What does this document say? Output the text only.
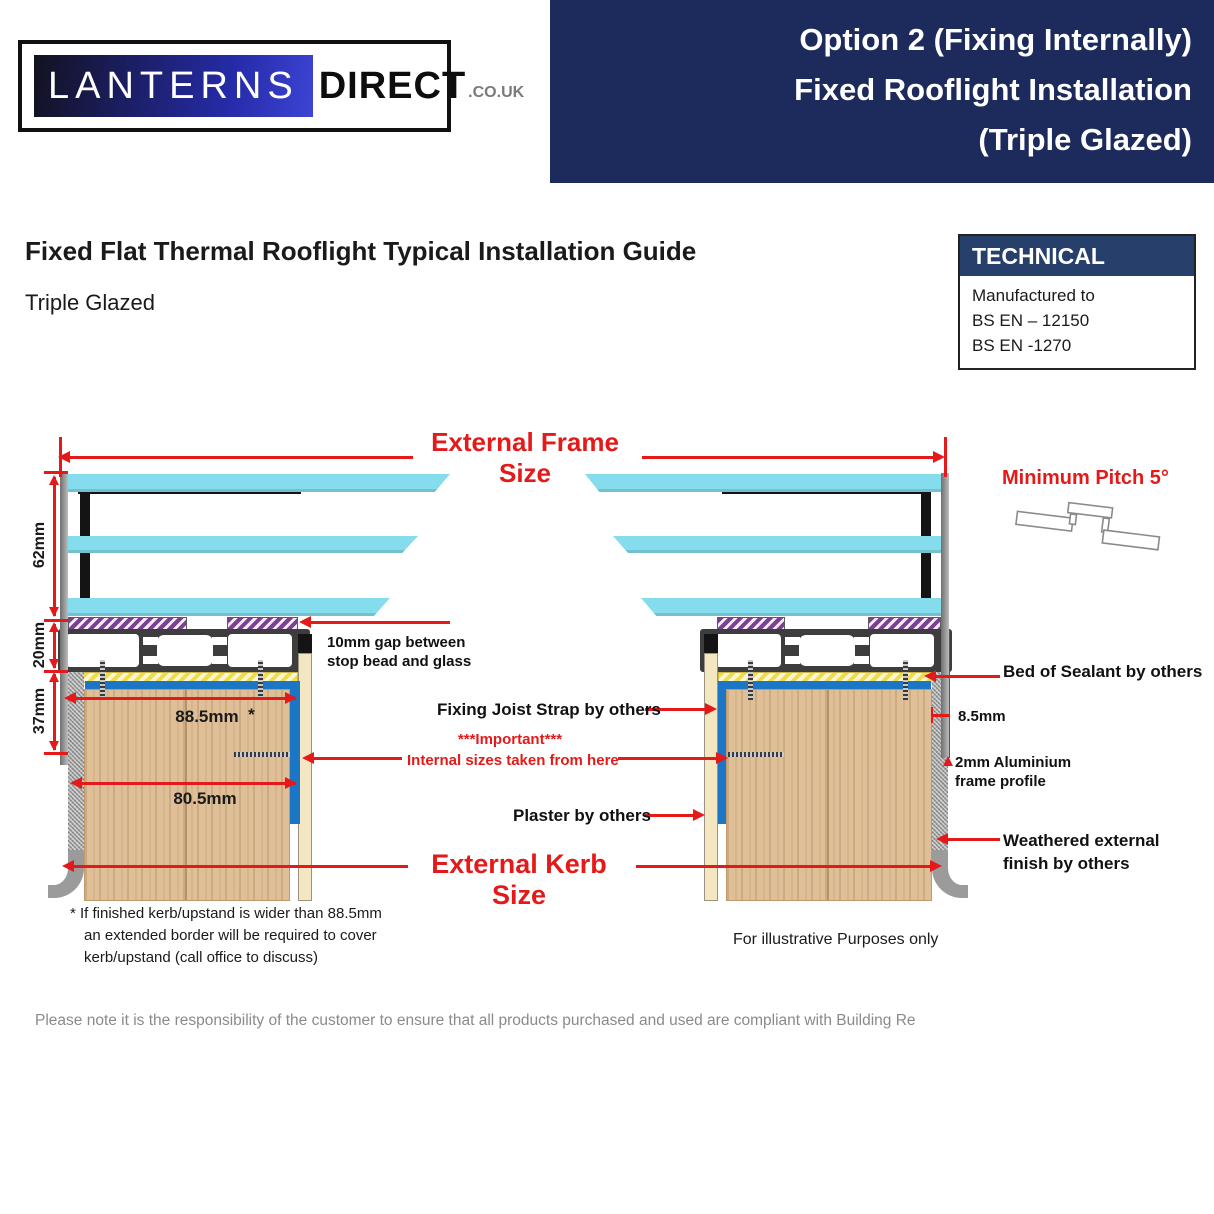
Option 2 (Fixing Internally)
Fixed Rooflight Installation
(Triple Glazed)
LANTERNS DIRECT .CO.UK
Fixed Flat Thermal Rooflight Typical Installation Guide
Triple Glazed
TECHNICAL
Manufactured to
BS EN – 12150
BS EN -1270
External Frame Size
62mm
20mm
37mm
10mm gap between
stop bead and glass
88.5mm *
80.5mm
Fixing Joist Strap by others
***Important***
Internal sizes taken from here
Plaster by others
External Kerb Size
Minimum Pitch 5°
Bed of Sealant by others
8.5mm
2mm Aluminium
frame profile
Weathered external
finish by others
* If finished kerb/upstand is wider than 88.5mm
an extended border will be required to cover
kerb/upstand (call office to discuss)
For illustrative Purposes only
Please note it is the responsibility of the customer to ensure that all products purchased and used are compliant with Building Re
